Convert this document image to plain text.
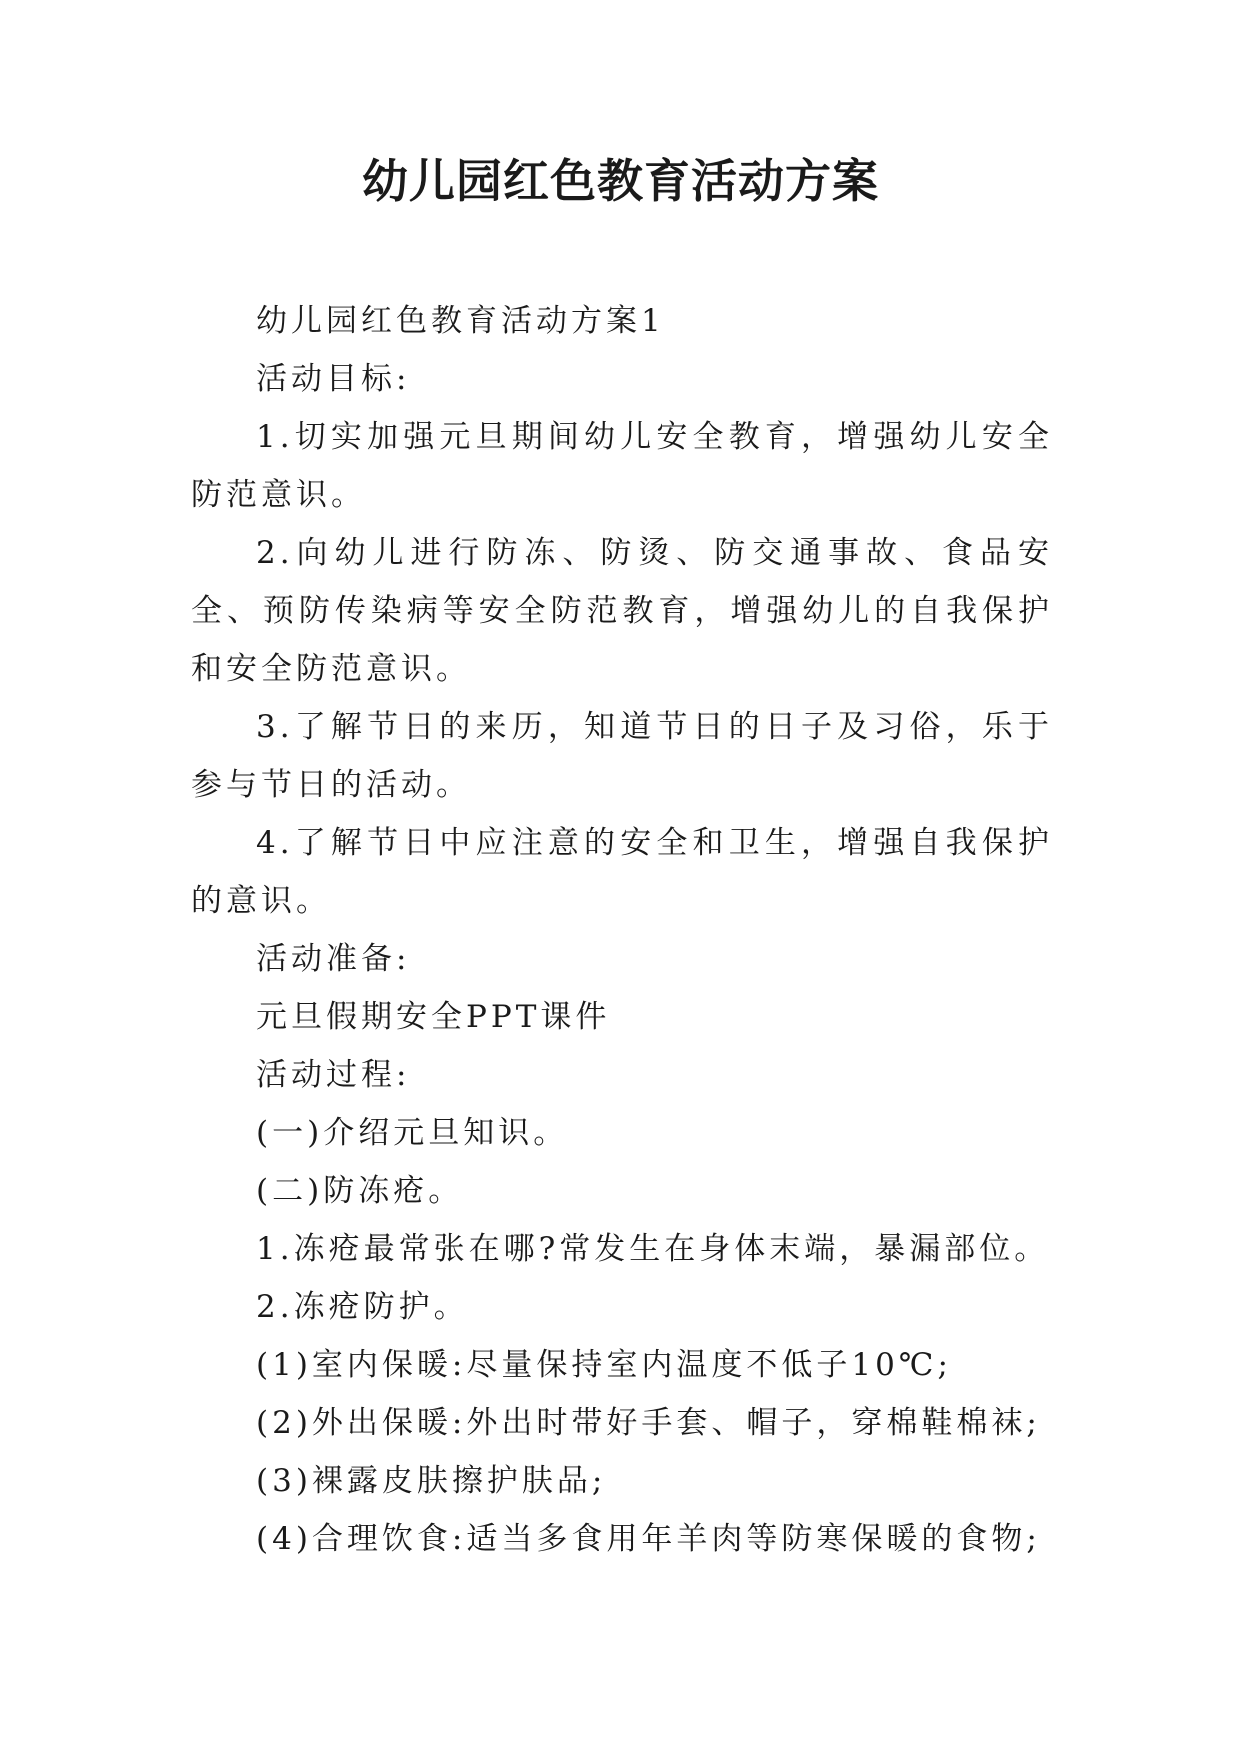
幼儿园红色教育活动方案

幼儿园红色教育活动方案1

活动目标:

1.切实加强元旦期间幼儿安全教育，增强幼儿安全防范意识。

2.向幼儿进行防冻、防烫、防交通事故、食品安全、预防传染病等安全防范教育，增强幼儿的自我保护和安全防范意识。

3.了解节日的来历，知道节日的日子及习俗，乐于参与节日的活动。

4.了解节日中应注意的安全和卫生，增强自我保护的意识。

活动准备:

元旦假期安全PPT课件

活动过程:

(一)介绍元旦知识。

(二)防冻疮。

1.冻疮最常张在哪?常发生在身体末端，暴漏部位。

2.冻疮防护。

(1)室内保暖:尽量保持室内温度不低子10℃;

(2)外出保暖:外出时带好手套、帽子，穿棉鞋棉袜;

(3)裸露皮肤擦护肤品;

(4)合理饮食:适当多食用年羊肉等防寒保暖的食物;
